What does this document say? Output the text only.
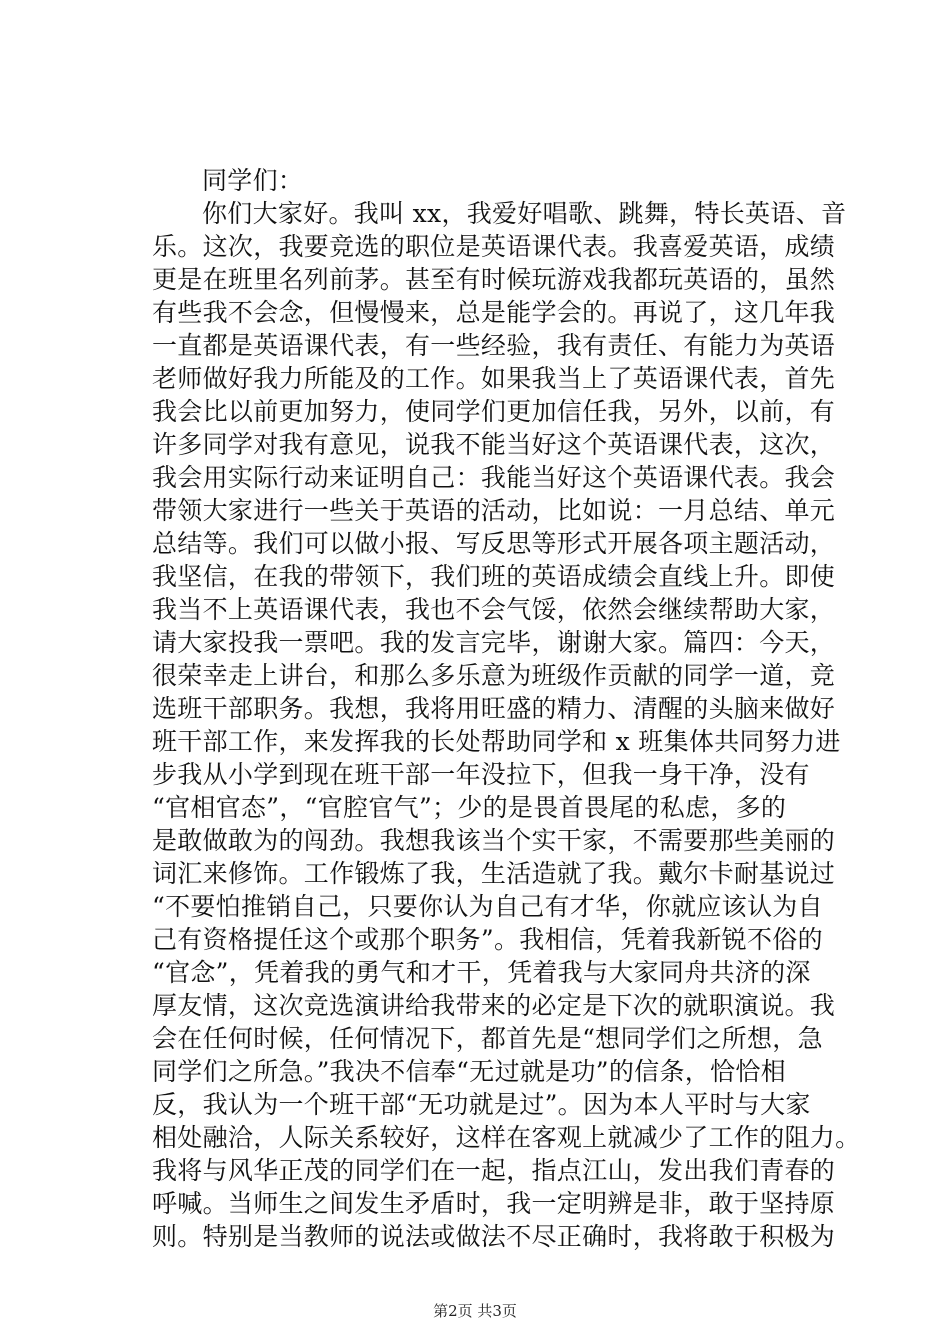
同学们：
你们大家好。我叫 xx，我爱好唱歌、跳舞，特长英语、音
乐。这次，我要竞选的职位是英语课代表。我喜爱英语，成绩
更是在班里名列前茅。甚至有时候玩游戏我都玩英语的，虽然
有些我不会念，但慢慢来，总是能学会的。再说了，这几年我
一直都是英语课代表，有一些经验，我有责任、有能力为英语
老师做好我力所能及的工作。如果我当上了英语课代表，首先
我会比以前更加努力，使同学们更加信任我，另外，以前，有
许多同学对我有意见，说我不能当好这个英语课代表，这次，
我会用实际行动来证明自己：我能当好这个英语课代表。我会
带领大家进行一些关于英语的活动，比如说：一月总结、单元
总结等。我们可以做小报、写反思等形式开展各项主题活动，
我坚信，在我的带领下，我们班的英语成绩会直线上升。即使
我当不上英语课代表，我也不会气馁，依然会继续帮助大家，
请大家投我一票吧。我的发言完毕，谢谢大家。篇四：今天，
很荣幸走上讲台，和那么多乐意为班级作贡献的同学一道，竞
选班干部职务。我想，我将用旺盛的精力、清醒的头脑来做好
班干部工作，来发挥我的长处帮助同学和 x 班集体共同努力进
步我从小学到现在班干部一年没拉下，但我一身干净，没有
“官相官态”，“官腔官气”；少的是畏首畏尾的私虑，多的
是敢做敢为的闯劲。我想我该当个实干家，不需要那些美丽的
词汇来修饰。工作锻炼了我，生活造就了我。戴尔卡耐基说过
“不要怕推销自己，只要你认为自己有才华，你就应该认为自
己有资格提任这个或那个职务”。我相信，凭着我新锐不俗的
“官念”，凭着我的勇气和才干，凭着我与大家同舟共济的深
厚友情，这次竞选演讲给我带来的必定是下次的就职演说。我
会在任何时候，任何情况下，都首先是“想同学们之所想，急
同学们之所急。”我决不信奉“无过就是功”的信条，恰恰相
反，我认为一个班干部“无功就是过”。因为本人平时与大家
相处融洽，人际关系较好，这样在客观上就减少了工作的阻力。
我将与风华正茂的同学们在一起，指点江山，发出我们青春的
呼喊。当师生之间发生矛盾时，我一定明辨是非，敢于坚持原
则。特别是当教师的说法或做法不尽正确时，我将敢于积极为
第2页 共3页
